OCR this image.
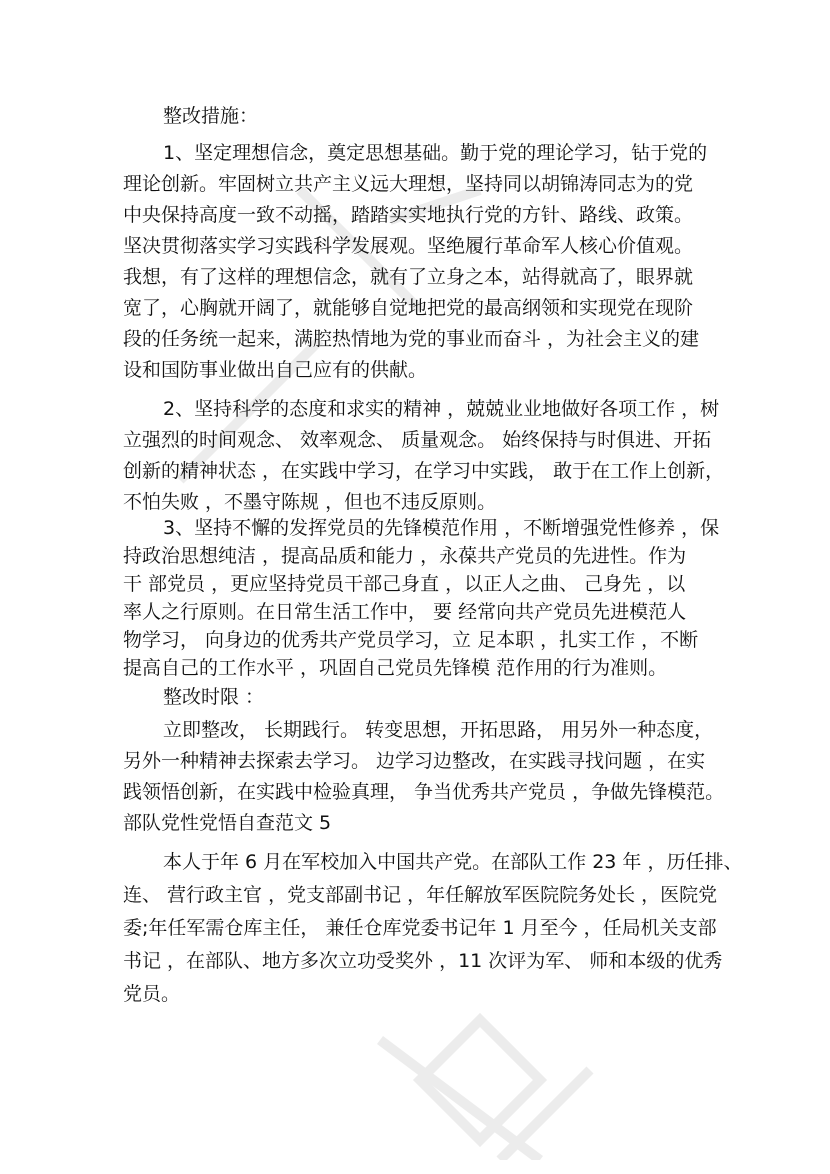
整改措施：
1、坚定理想信念，奠定思想基础。勤于党的理论学习，钻于党的
理论创新。牢固树立共产主义远大理想，坚持同以胡锦涛同志为的党
中央保持高度一致不动摇，踏踏实实地执行党的方针、路线、政策。
坚决贯彻落实学习实践科学发展观。坚绝履行革命军人核心价值观。
我想，有了这样的理想信念，就有了立身之本，站得就高了，眼界就
宽了，心胸就开阔了，就能够自觉地把党的最高纲领和实现党在现阶
段的任务统一起来，满腔热情地为党的事业而奋斗 ，为社会主义的建
设和国防事业做出自己应有的供献。
2、坚持科学的态度和求实的精神 ，兢兢业业地做好各项工作 ，树
立强烈的时间观念、 效率观念、 质量观念。 始终保持与时俱进、开拓
创新的精神状态 ，在实践中学习，在学习中实践， 敢于在工作上创新，
不怕失败 ，不墨守陈规 ，但也不违反原则。
3、坚持不懈的发挥党员的先锋模范作用 ，不断增强党性修养 ，保
持政治思想纯洁 ，提高品质和能力 ，永葆共产党员的先进性。作为
干 部党员 ，更应坚持党员干部己身直 ，以正人之曲、 己身先 ，以
率人之行原则。在日常生活工作中， 要 经常向共产党员先进模范人
物学习， 向身边的优秀共产党员学习，立 足本职 ，扎实工作 ，不断
提高自己的工作水平 ，巩固自己党员先锋模 范作用的行为准则。
整改时限 ：
立即整改， 长期践行。 转变思想，开拓思路， 用另外一种态度，
另外一种精神去探索去学习。 边学习边整改，在实践寻找问题 ，在实
践领悟创新，在实践中检验真理， 争当优秀共产党员 ，争做先锋模范。
部队党性党悟自查范文 5
本人于年 6 月在军校加入中国共产党。在部队工作 23 年 ，历任排、
连、 营行政主官 ，党支部副书记 ，年任解放军医院院务处长 ，医院党
委;年任军需仓库主任， 兼任仓库党委书记年 1 月至今 ，任局机关支部
书记 ，在部队、地方多次立功受奖外 ，11 次评为军、 师和本级的优秀
党员。
